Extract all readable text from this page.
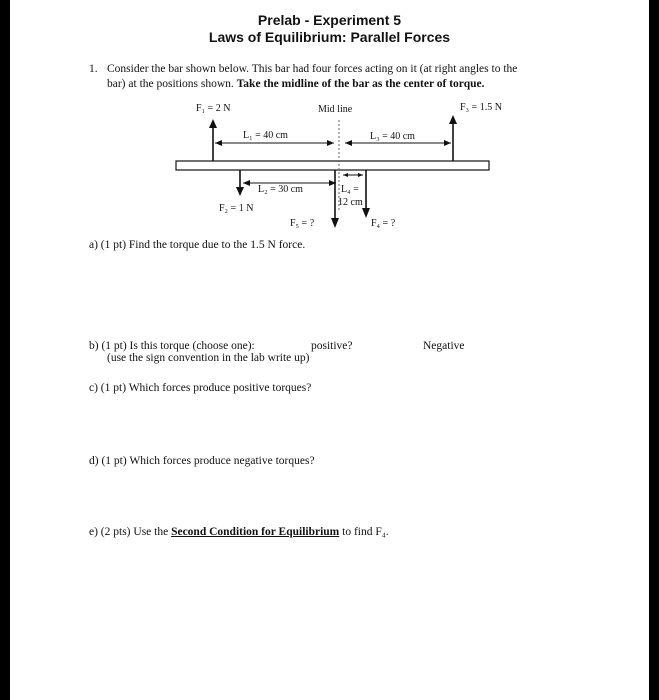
Prelab - Experiment 5
Laws of Equilibrium: Parallel Forces
1. Consider the bar shown below. This bar had four forces acting on it (at right angles to the
bar) at the positions shown. Take the midline of the bar as the center of torque.
F₁ = 2 N	Mid line	F₃ = 1.5 N
L₁ = 40 cm	L₃ = 40 cm
L₂ = 30 cm	L₄ =
12 cm
F₂ = 1 N
F₅ = ?	F₄ = ?
a) (1 pt) Find the torque due to the 1.5 N force.
b) (1 pt) Is this torque (choose one):	positive?	Negative
(use the sign convention in the lab write up)
c) (1 pt) Which forces produce positive torques?
d) (1 pt) Which forces produce negative torques?
e) (2 pts) Use the Second Condition for Equilibrium to find F₄.
